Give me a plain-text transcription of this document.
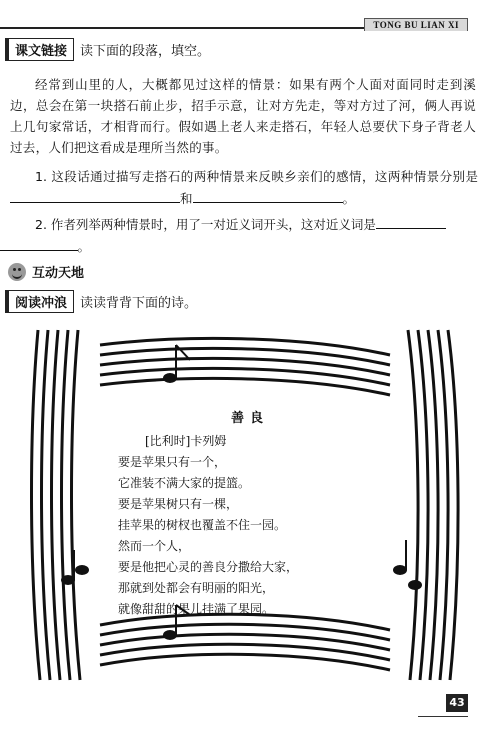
TONG BU LIAN XI
课文链接	读下面的段落，填空。
经常到山里的人，大概都见过这样的情景：如果有两个人面对面同时走到溪边，总会在第一块搭石前止步，招手示意，让对方先走，等对方过了河，俩人再说上几句家常话，才相背而行。假如遇上老人来走搭石，年轻人总要伏下身子背老人过去，人们把这看成是理所当然的事。
1. 这段话通过描写走搭石的两种情景来反映乡亲们的感情，这两种情景分别是和	。
2. 作者列举两种情景时，用了一对近义词开头，这对近义词是
。
互动天地
阅读冲浪	读读背背下面的诗。
善良
[比利时]卡列姆
要是苹果只有一个，
它准装不满大家的提篮。
要是苹果树只有一棵，
挂苹果的树杈也覆盖不住一园。
然而一个人，
要是他把心灵的善良分撒给大家，
那就到处都会有明丽的阳光，
就像甜甜的果儿挂满了果园。
43
